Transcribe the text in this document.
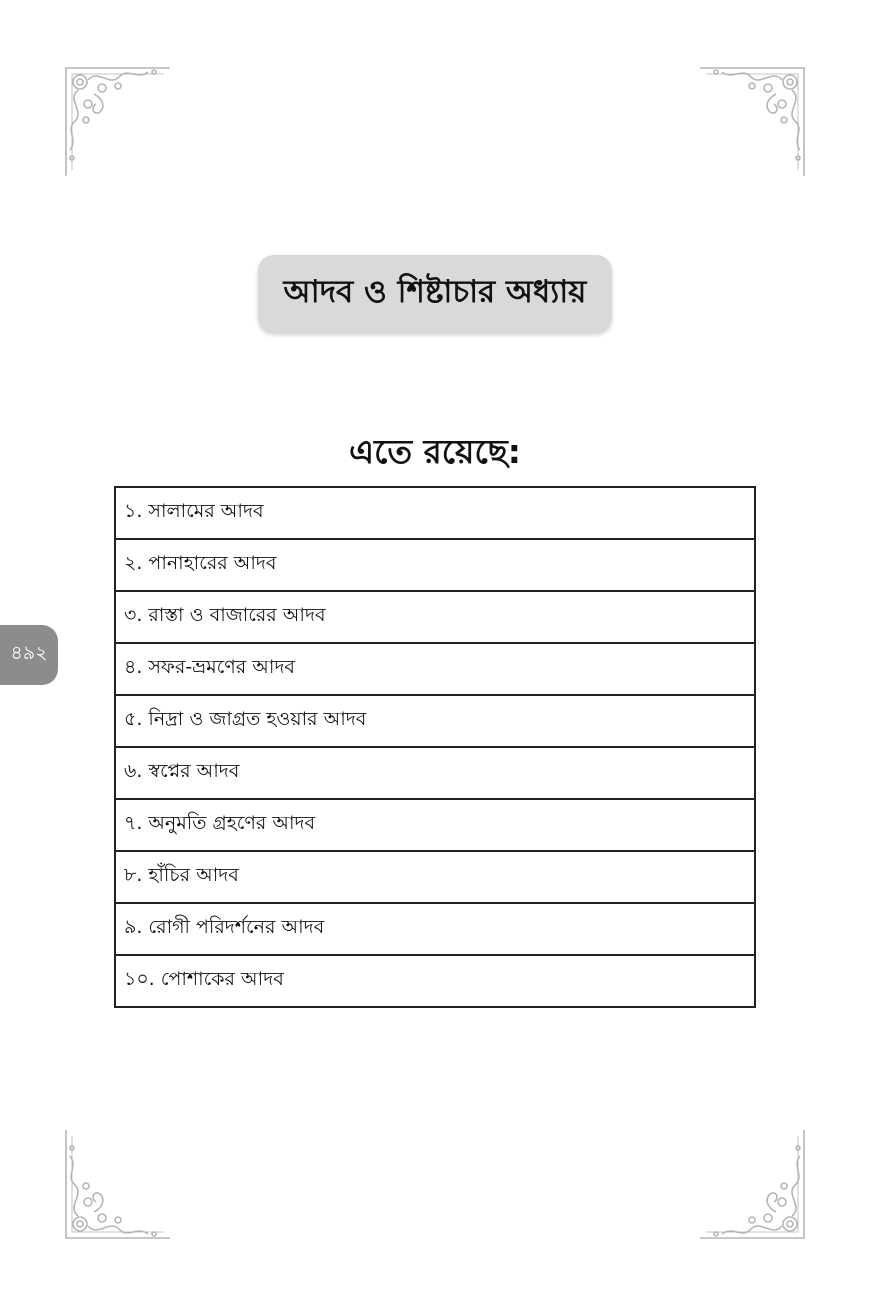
আদব ও শিষ্টাচার অধ্যায়
এতে রয়েছে:
১. সালামের আদব
২. পানাহারের আদব
৩. রাস্তা ও বাজারের আদব
৪. সফর-ভ্রমণের আদব
৫. নিদ্রা ও জাগ্রত হওয়ার আদব
৬. স্বপ্নের আদব
৭. অনুমতি গ্রহণের আদব
৮. হাঁচির আদব
৯. রোগী পরিদর্শনের আদব
১০. পোশাকের আদব
৪৯২
